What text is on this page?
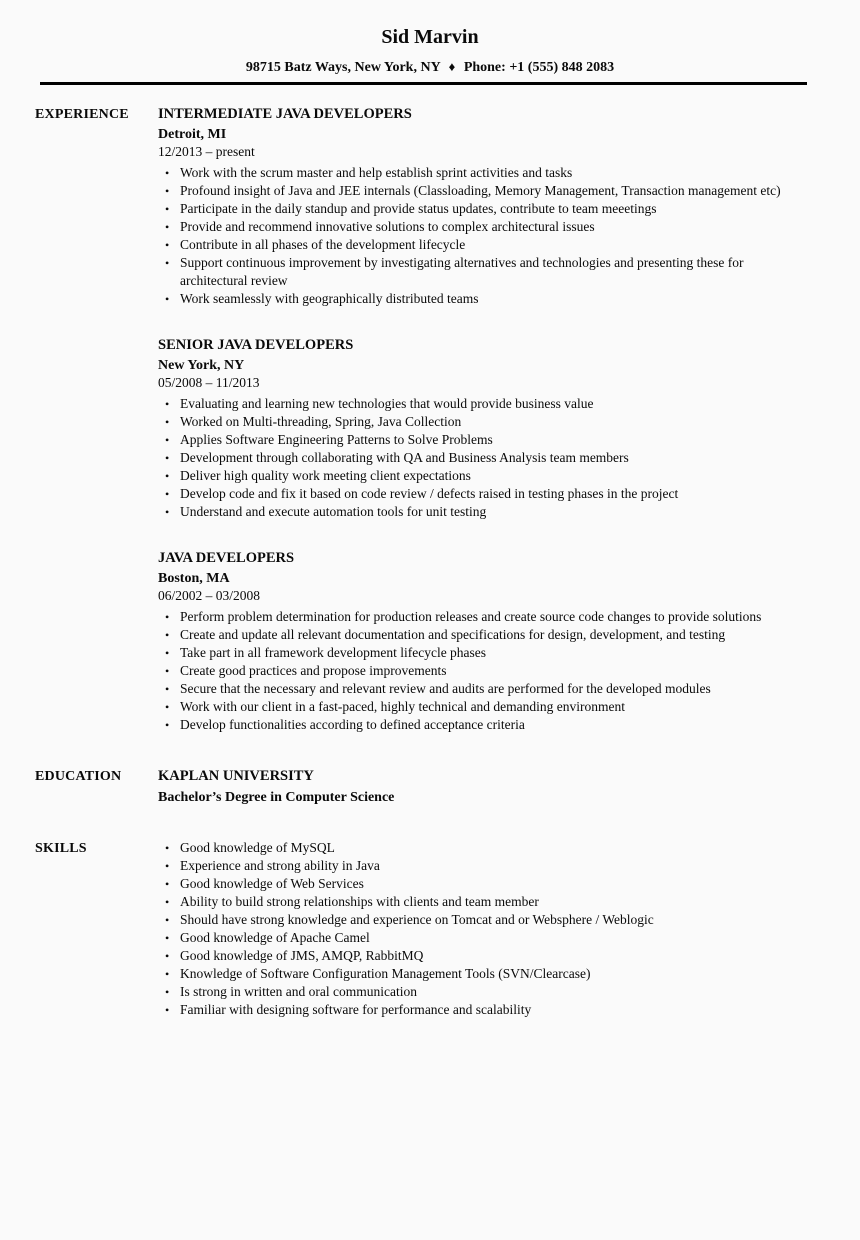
Sid Marvin
98715 Batz Ways, New York, NY ♦ Phone: +1 (555) 848 2083
EXPERIENCE	INTERMEDIATE JAVA DEVELOPERS
Detroit, MI
12/2013 – present
• Work with the scrum master and help establish sprint activities and tasks
• Profound insight of Java and JEE internals (Classloading, Memory Management, Transaction management etc)
• Participate in the daily standup and provide status updates, contribute to team meeetings
• Provide and recommend innovative solutions to complex architectural issues
• Contribute in all phases of the development lifecycle
• Support continuous improvement by investigating alternatives and technologies and presenting these for architectural review
• Work seamlessly with geographically distributed teams
SENIOR JAVA DEVELOPERS
New York, NY
05/2008 – 11/2013
• Evaluating and learning new technologies that would provide business value
• Worked on Multi-threading, Spring, Java Collection
• Applies Software Engineering Patterns to Solve Problems
• Development through collaborating with QA and Business Analysis team members
• Deliver high quality work meeting client expectations
• Develop code and fix it based on code review / defects raised in testing phases in the project
• Understand and execute automation tools for unit testing
JAVA DEVELOPERS
Boston, MA
06/2002 – 03/2008
• Perform problem determination for production releases and create source code changes to provide solutions
• Create and update all relevant documentation and specifications for design, development, and testing
• Take part in all framework development lifecycle phases
• Create good practices and propose improvements
• Secure that the necessary and relevant review and audits are performed for the developed modules
• Work with our client in a fast-paced, highly technical and demanding environment
• Develop functionalities according to defined acceptance criteria
EDUCATION	KAPLAN UNIVERSITY
Bachelor’s Degree in Computer Science
SKILLS	• Good knowledge of MySQL
• Experience and strong ability in Java
• Good knowledge of Web Services
• Ability to build strong relationships with clients and team member
• Should have strong knowledge and experience on Tomcat and or Websphere / Weblogic
• Good knowledge of Apache Camel
• Good knowledge of JMS, AMQP, RabbitMQ
• Knowledge of Software Configuration Management Tools (SVN/Clearcase)
• Is strong in written and oral communication
• Familiar with designing software for performance and scalability
